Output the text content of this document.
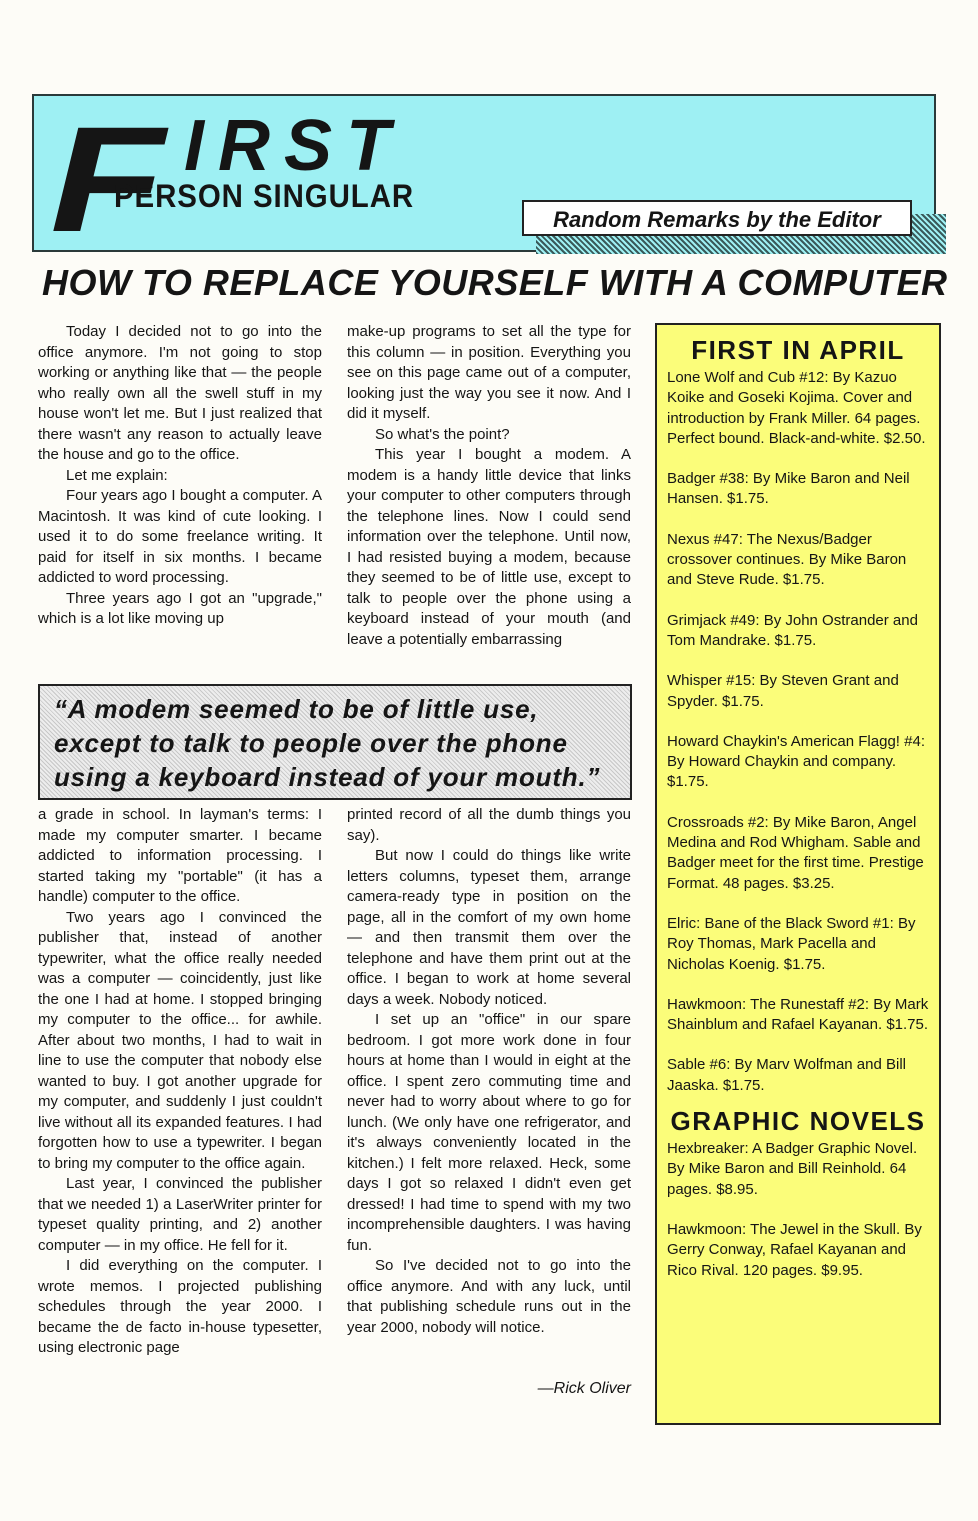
F IRST
PERSON SINGULAR
Random Remarks by the Editor
HOW TO REPLACE YOURSELF WITH A COMPUTER

Today I decided not to go into the office anymore. I'm not going to stop working or anything like that — the people who really own all the swell stuff in my house won't let me. But I just realized that there wasn't any reason to actually leave the house and go to the office.

Let me explain:

Four years ago I bought a computer. A Macintosh. It was kind of cute looking. I used it to do some freelance writing. It paid for itself in six months. I became addicted to word processing.

Three years ago I got an "upgrade," which is a lot like moving up

make-up programs to set all the type for this column — in position. Everything you see on this page came out of a computer, looking just the way you see it now. And I did it myself.

So what's the point?

This year I bought a modem. A modem is a handy little device that links your computer to other computers through the telephone lines. Now I could send information over the telephone. Until now, I had resisted buying a modem, because they seemed to be of little use, except to talk to people over the phone using a keyboard instead of your mouth (and leave a potentially embarrassing

“A modem seemed to be of little use, except to talk to people over the phone using a keyboard instead of your mouth.”

a grade in school. In layman's terms: I made my computer smarter. I became addicted to information processing. I started taking my "portable" (it has a handle) computer to the office.

Two years ago I convinced the publisher that, instead of another typewriter, what the office really needed was a computer — coincidently, just like the one I had at home. I stopped bringing my computer to the office... for awhile. After about two months, I had to wait in line to use the computer that nobody else wanted to buy. I got another upgrade for my computer, and suddenly I just couldn't live without all its expanded features. I had forgotten how to use a typewriter. I began to bring my computer to the office again.

Last year, I convinced the publisher that we needed 1) a LaserWriter printer for typeset quality printing, and 2) another computer — in my office. He fell for it.

I did everything on the computer. I wrote memos. I projected publishing schedules through the year 2000. I became the de facto in-house typesetter, using electronic page

printed record of all the dumb things you say).

But now I could do things like write letters columns, typeset them, arrange camera-ready type in position on the page, all in the comfort of my own home — and then transmit them over the telephone and have them print out at the office. I began to work at home several days a week. Nobody noticed.

I set up an "office" in our spare bedroom. I got more work done in four hours at home than I would in eight at the office. I spent zero commuting time and never had to worry about where to go for lunch. (We only have one refrigerator, and it's always conveniently located in the kitchen.) I felt more relaxed. Heck, some days I got so relaxed I didn't even get dressed! I had time to spend with my two incomprehensible daughters. I was having fun.

So I've decided not to go into the office anymore. And with any luck, until that publishing schedule runs out in the year 2000, nobody will notice.

—Rick Oliver
FIRST IN APRIL
Lone Wolf and Cub #12: By Kazuo Koike and Goseki Kojima. Cover and introduction by Frank Miller. 64 pages. Perfect bound. Black-and-white. $2.50.
Badger #38: By Mike Baron and Neil Hansen. $1.75.
Nexus #47: The Nexus/Badger crossover continues. By Mike Baron and Steve Rude. $1.75.
Grimjack #49: By John Ostrander and Tom Mandrake. $1.75.
Whisper #15: By Steven Grant and Spyder. $1.75.
Howard Chaykin's American Flagg! #4: By Howard Chaykin and company. $1.75.
Crossroads #2: By Mike Baron, Angel Medina and Rod Whigham. Sable and Badger meet for the first time. Prestige Format. 48 pages. $3.25.
Elric: Bane of the Black Sword #1: By Roy Thomas, Mark Pacella and Nicholas Koenig. $1.75.
Hawkmoon: The Runestaff #2: By Mark Shainblum and Rafael Kayanan. $1.75.
Sable #6: By Marv Wolfman and Bill Jaaska. $1.75.
GRAPHIC NOVELS
Hexbreaker: A Badger Graphic Novel. By Mike Baron and Bill Reinhold. 64 pages. $8.95.
Hawkmoon: The Jewel in the Skull. By Gerry Conway, Rafael Kayanan and Rico Rival. 120 pages. $9.95.
